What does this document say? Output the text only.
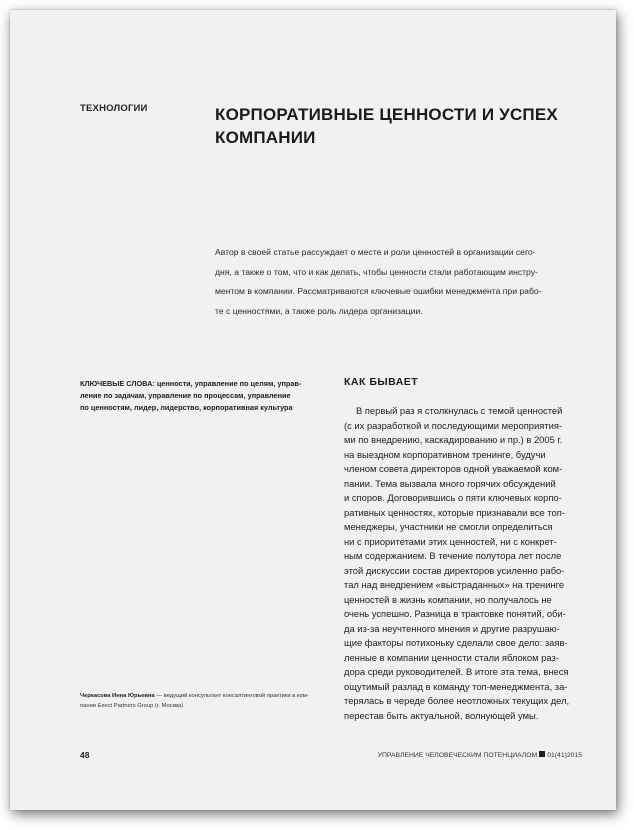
ТЕХНОЛОГИИ	КОРПОРАТИВНЫЕ ЦЕННОСТИ И УСПЕХ
КОМПАНИИ

Автор в своей статье рассуждает о месте и роли ценностей в организации сего-
дня, а также о том, что и как делать, чтобы ценности стали работающим инстру-
ментом в компании. Рассматриваются ключевые ошибки менеджмента при рабо-
те с ценностями, а также роль лидера организации.

КЛЮЧЕВЫЕ СЛОВА: ценности, управление по целям, управ-
ление по задачам, управление по процессам, управление
по ценностям, лидер, лидерство, корпоративная культура
КАК БЫВАЕТ
В первый раз я столкнулась с темой ценностей
(с их разработкой и последующими мероприятия-
ми по внедрению, каскадированию и пр.) в 2005 г.
на выездном корпоративном тренинге, будучи
членом совета директоров одной уважаемой ком-
пании. Тема вызвала много горячих обсуждений
и споров. Договорившись о пяти ключевых корпо-
ративных ценностях, которые признавали все топ-
менеджеры, участники не смогли определиться
ни с приоритетами этих ценностей, ни с конкрет-
ным содержанием. В течение полутора лет после
этой дискуссии состав директоров усиленно рабо-
тал над внедрением «выстраданных» на тренинге
ценностей в жизнь компании, но получалось не
очень успешно. Разница в трактовке понятий, оби-
да из-за неучтенного мнения и другие разрушаю-
щие факторы потихоньку сделали свое дело: заяв-
ленные в компании ценности стали яблоком раз-
дора среди руководителей. В итоге эта тема, внеся
ощутимый разлад в команду топ-менеджмента, за-
терялась в череде более неотложных текущих дел,
перестав быть актуальной, волнующей умы.
Черкасова Инна Юрьевна — ведущий консультант консалтинговой практики в ком-
пании Exect Partners Group (г. Москва)
48	УПРАВЛЕНИЕ ЧЕЛОВЕЧЕСКИМ ПОТЕНЦИАЛОМ 01(41)2015
